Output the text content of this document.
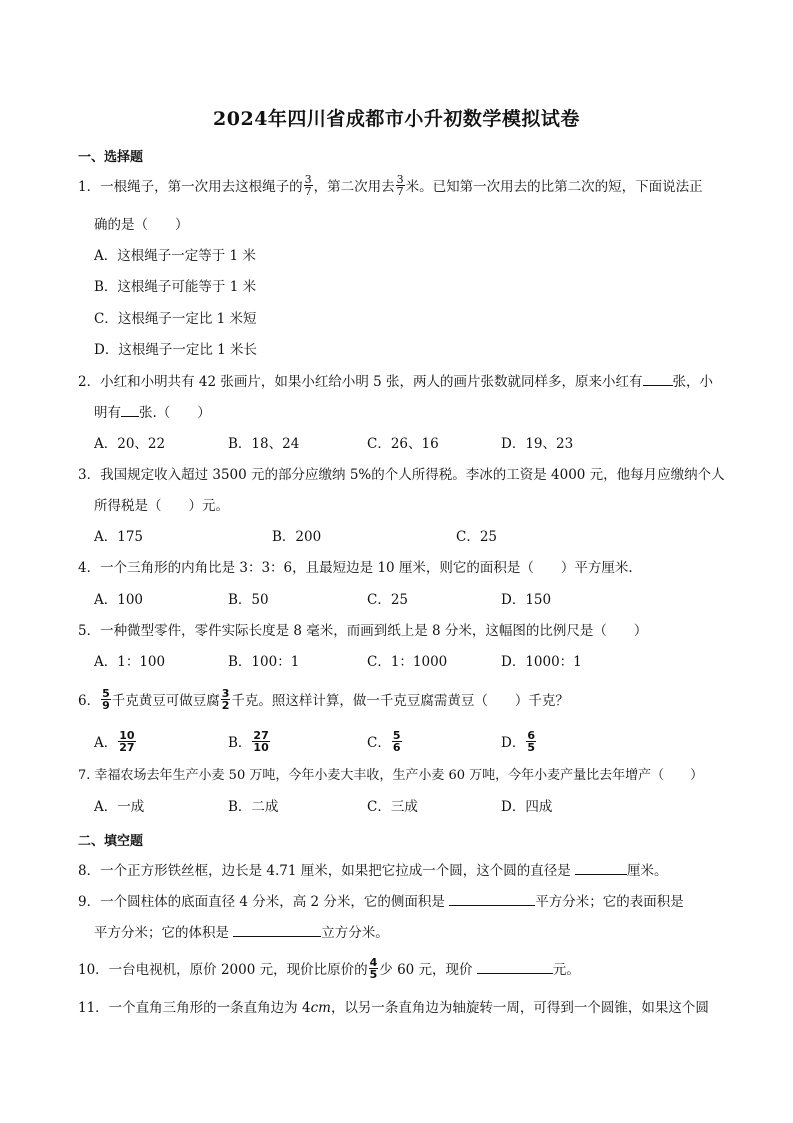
2024年四川省成都市小升初数学模拟试卷
一、选择题
1．一根绳子，第一次用去这根绳子的 $\frac{3}{7}$ ，第二次用去 $\frac{3}{7}$ 米。已知第一次用去的比第二次的短，下面说法正
确的是（　　）
A．这根绳子一定等于 1 米
B．这根绳子可能等于 1 米
C．这根绳子一定比 1 米短
D．这根绳子一定比 1 米长
2．小红和小明共有 42 张画片，如果小红给小明 5 张，两人的画片张数就同样多，原来小红有 张，小
明有 张.（　　）
A．20、22	B．18、24	C．26、16	D．19、23
3．我国规定收入超过 3500 元的部分应缴纳 5%的个人所得税。李冰的工资是 4000 元，他每月应缴纳个人
所得税是（　　）元。
A．175	B．200	C．25
4．一个三角形的内角比是 3：3：6，且最短边是 10 厘米，则它的面积是（　　）平方厘米.
A．100	B．50	C．25	D．150
5．一种微型零件，零件实际长度是 8 毫米，而画到纸上是 8 分米，这幅图的比例尺是（　　）
A．1：100	B．100：1	C．1：1000	D．1000：1
6． $\frac{5}{9}$ 千克黄豆可做豆腐 $\frac{3}{2}$ 千克。照这样计算，做一千克豆腐需黄豆（　　）千克？
A． $\frac{10}{27}$	B． $\frac{27}{10}$	C． $\frac{5}{6}$	D． $\frac{6}{5}$
7. 幸福农场去年生产小麦 50 万吨，今年小麦大丰收，生产小麦 60 万吨，今年小麦产量比去年增产（　　）
A．一成	B．二成	C．三成	D．四成
二、填空题
8．一个正方形铁丝框，边长是 4.71 厘米，如果把它拉成一个圆，这个圆的直径是	厘米。
9．一个圆柱体的底面直径 4 分米，高 2 分米，它的侧面积是	平方分米；它的表面积是
平方分米；它的体积是	立方分米。
10．一台电视机，原价 2000 元，现价比原价的 $\frac{4}{5}$ 少 60 元，现价	元。
11．一个直角三角形的一条直角边为 4cm，以另一条直角边为轴旋转一周，可得到一个圆锥，如果这个圆
